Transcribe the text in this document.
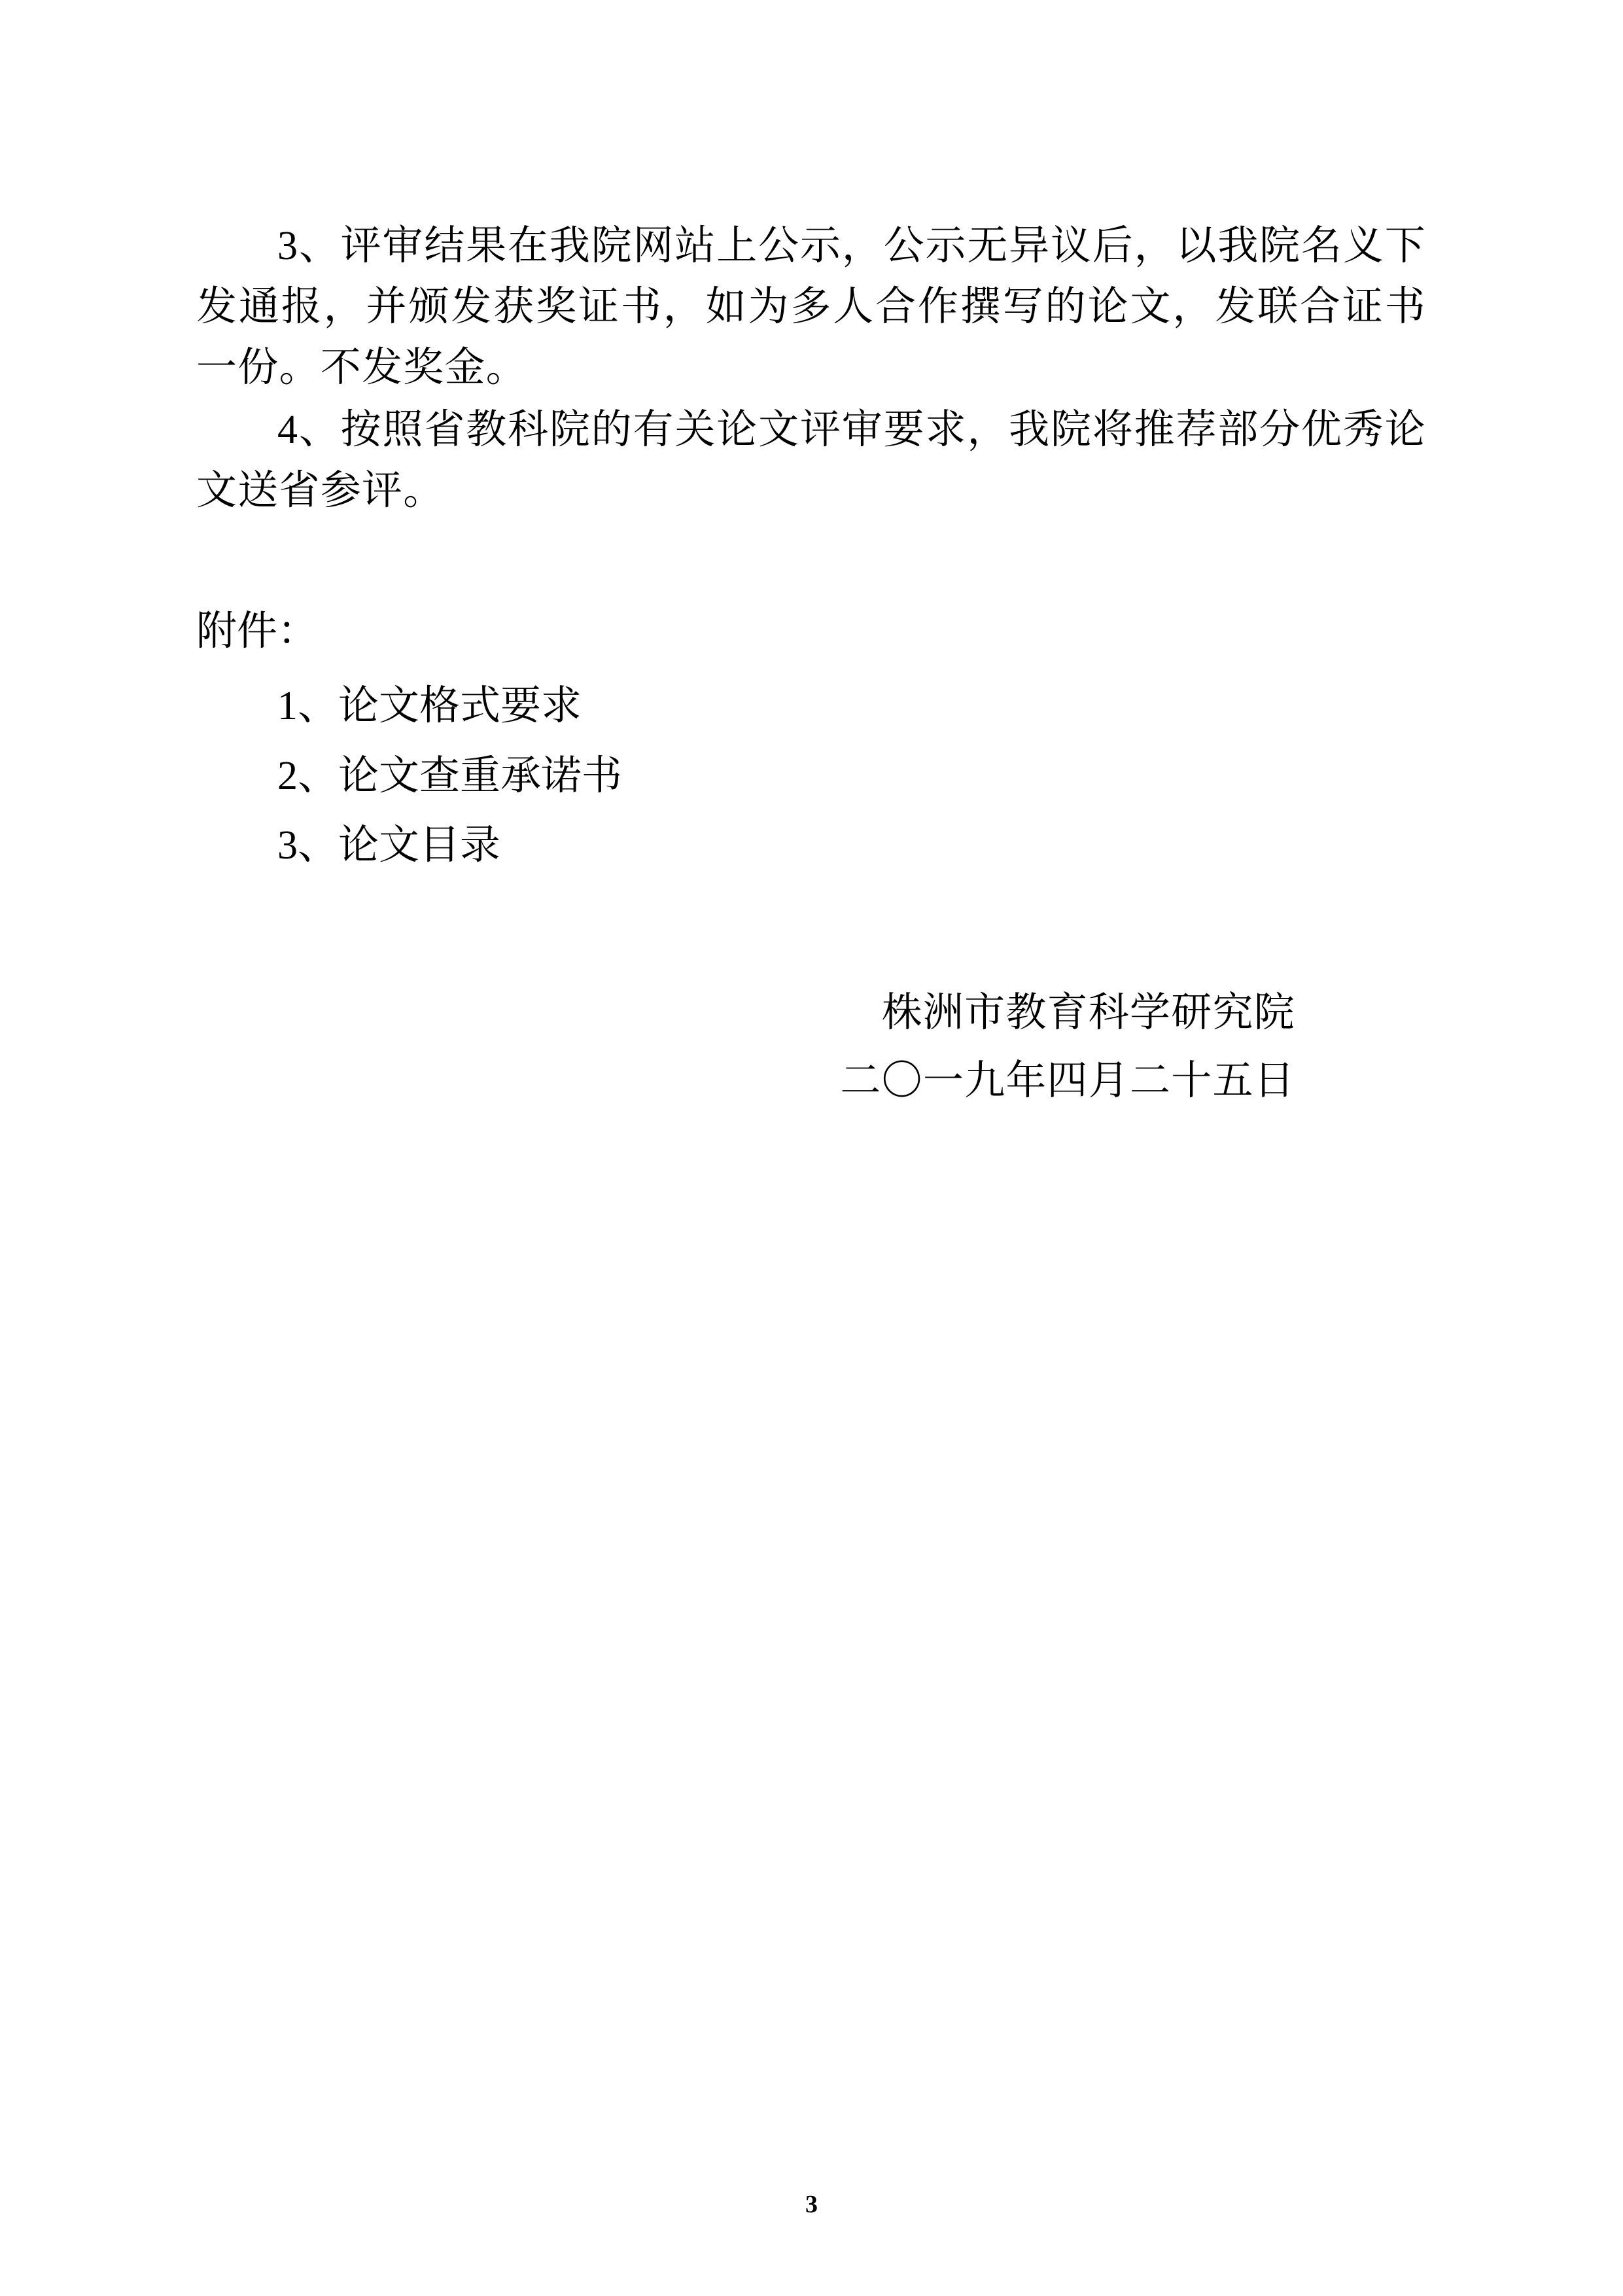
3、评审结果在我院网站上公示，公示无异议后，以我院名义下发通报，并颁发获奖证书，如为多人合作撰写的论文，发联合证书一份。不发奖金。

4、按照省教科院的有关论文评审要求，我院将推荐部分优秀论文送省参评。

附件：

1、论文格式要求
2、论文查重承诺书
3、论文目录
株洲市教育科学研究院
二〇一九年四月二十五日
3
